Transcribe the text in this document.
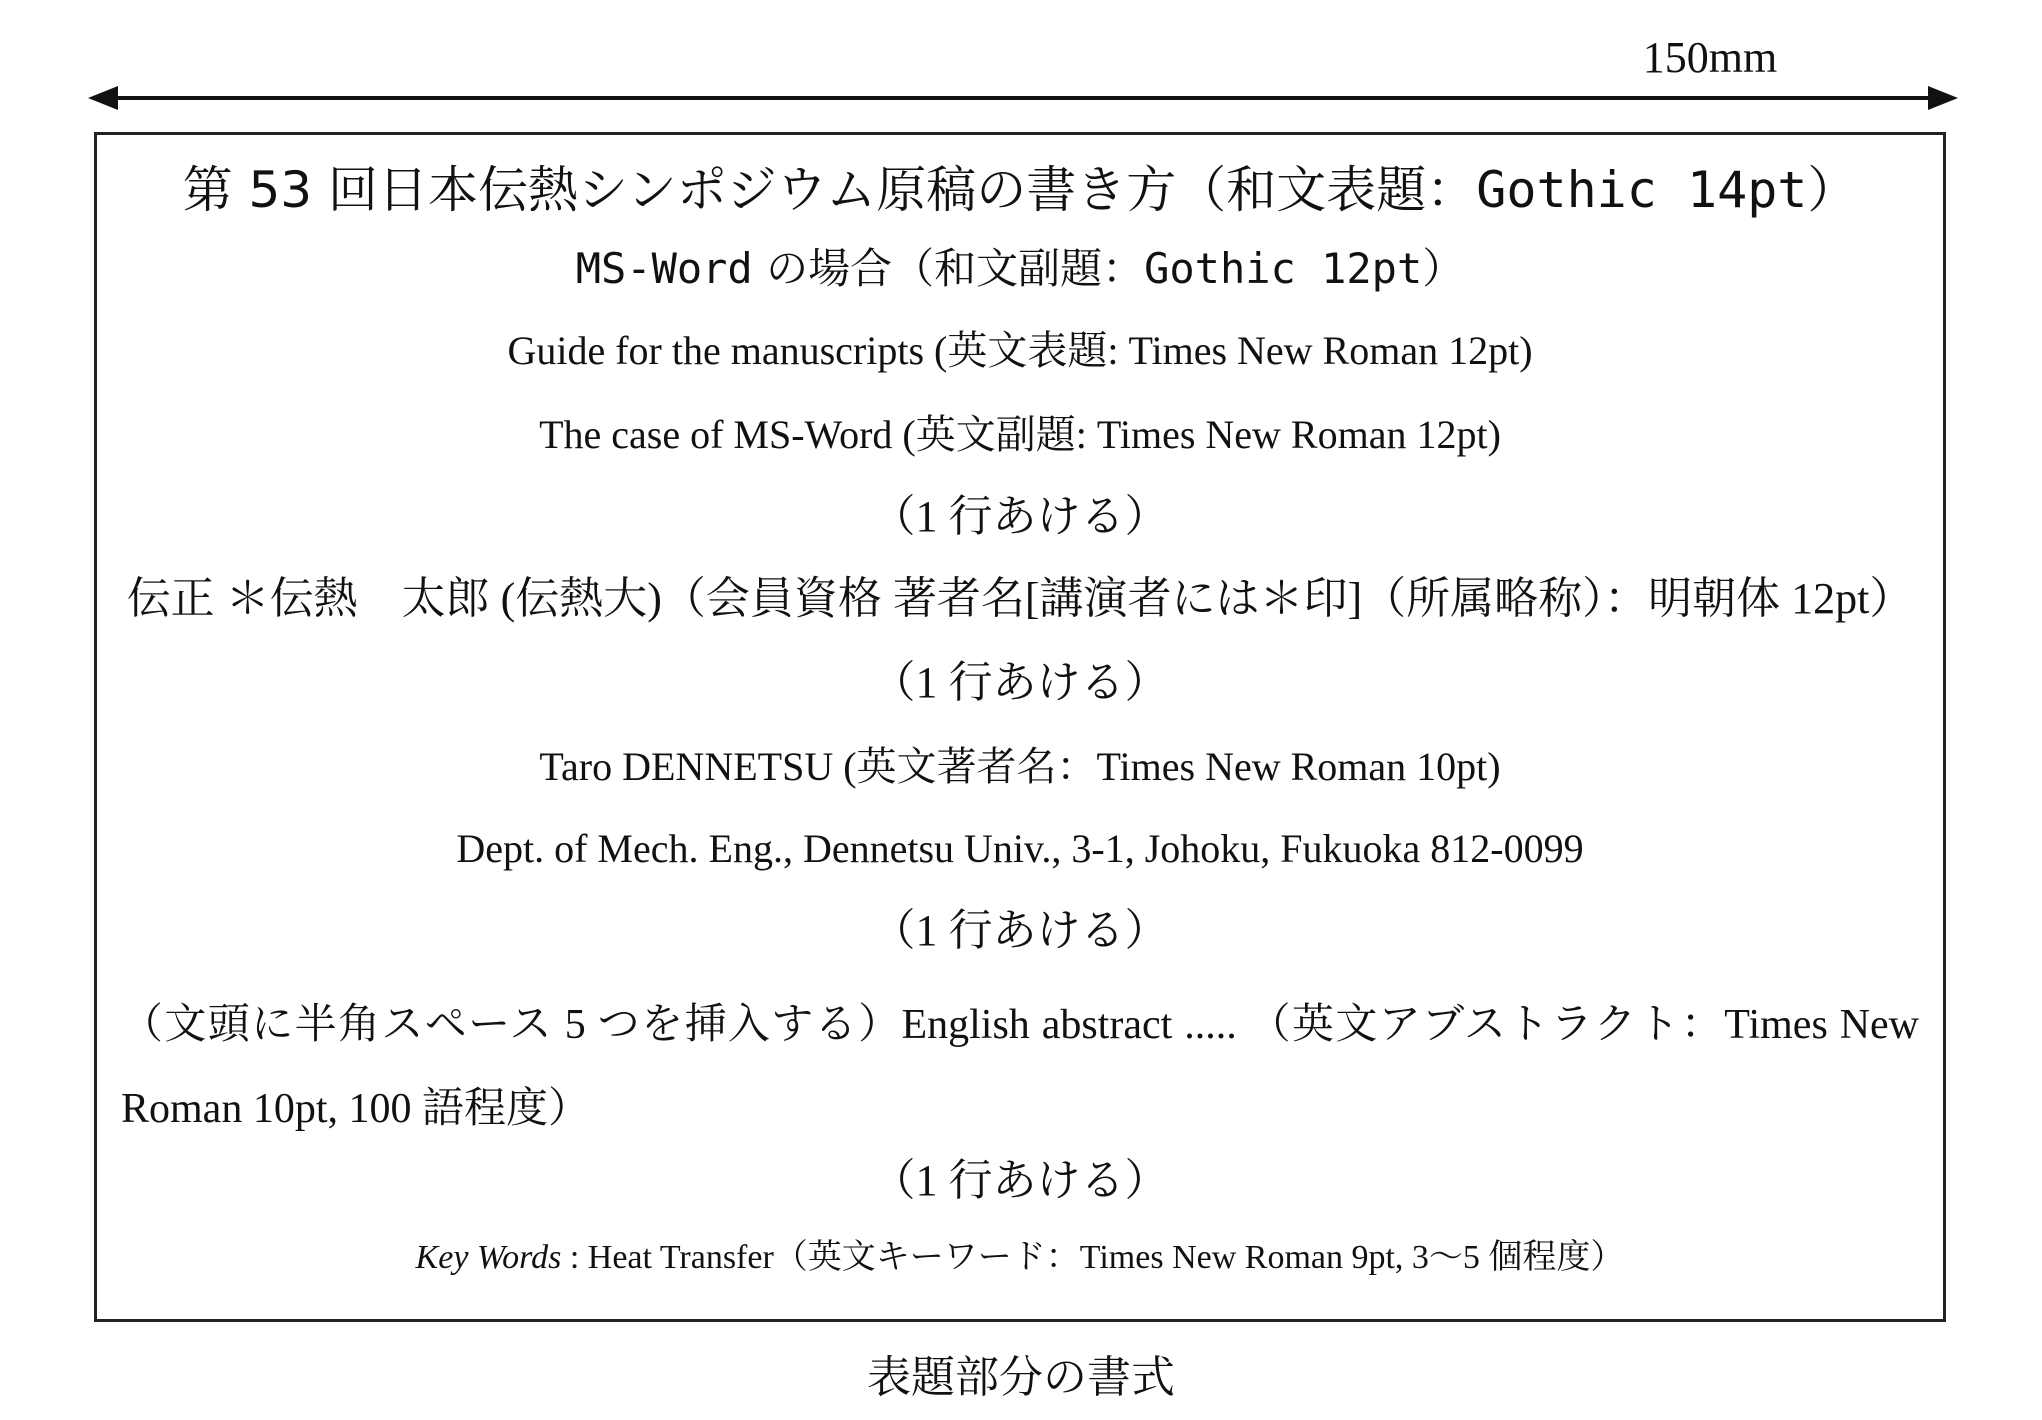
150mm
第 53 回日本伝熱シンポジウム原稿の書き方（和文表題：Gothic 14pt）
MS-Word の場合（和文副題：Gothic 12pt）
Guide for the manuscripts (英文表題: Times New Roman 12pt)
The case of MS-Word (英文副題: Times New Roman 12pt)
（1 行あける）
伝正 ＊伝熱　太郎 (伝熱大)（会員資格 著者名[講演者には＊印]（所属略称）：明朝体 12pt）
（1 行あける）
Taro DENNETSU (英文著者名：Times New Roman 10pt)
Dept. of Mech. Eng., Dennetsu Univ., 3-1, Johoku, Fukuoka 812-0099
（1 行あける）
（文頭に半角スペース 5 つを挿入する）English abstract ..... （英文アブストラクト：Times New Roman 10pt, 100 語程度）
（1 行あける）
Key Words : Heat Transfer（英文キーワード：Times New Roman 9pt, 3～5 個程度）
表題部分の書式
